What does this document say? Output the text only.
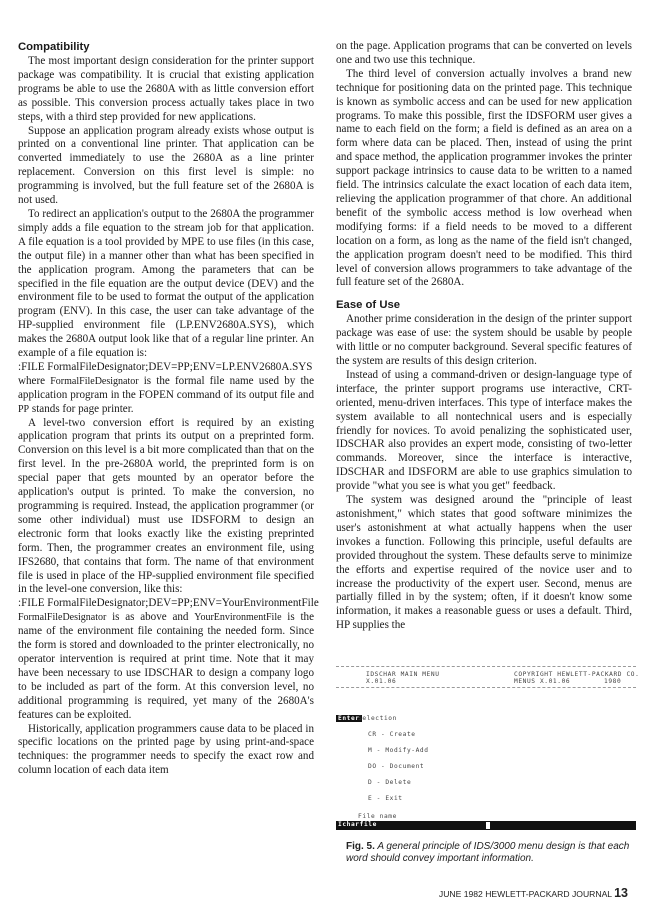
Compatibility

The most important design consideration for the printer support package was compatibility. It is crucial that existing application programs be able to use the 2680A with as little conversion effort as possible. This conversion process actually takes place in two steps, with a third step provided for new applications.

Suppose an application program already exists whose output is printed on a conventional line printer. That application can be converted immediately to use the 2680A as a line printer replacement. Conversion on this first level is simple: no programming is involved, but the full feature set of the 2680A is not used.

To redirect an application's output to the 2680A the programmer simply adds a file equation to the stream job for that application. A file equation is a tool provided by MPE to use files (in this case, the output file) in a manner other than what has been specified in the application program. Among the parameters that can be specified in the file equation are the output device (DEV) and the environment file to be used to format the output of the application program (ENV). In this case, the user can take advantage of the HP-supplied environment file (LP.ENV2680A.SYS), which makes the 2680A output look like that of a regular line printer. An example of a file equation is:

:FILE FormalFileDesignator;DEV=PP;ENV=LP.ENV2680A.SYS

where FormalFileDesignator is the formal file name used by the application program in the FOPEN command of its output file and PP stands for page printer.

A level-two conversion effort is required by an existing application program that prints its output on a preprinted form. Conversion on this level is a bit more complicated than that on the first level. In the pre-2680A world, the preprinted form is on special paper that gets mounted by an operator before the application's output is printed. To make the conversion, no programming is required. Instead, the application programmer (or some other individual) must use IDSFORM to design an electronic form that looks exactly like the existing preprinted form. Then, the programmer creates an environment file, using IFS2680, that contains that form. The name of that environment file is used in place of the HP-supplied environment file specified in the level-one conversion, like this:

:FILE FormalFileDesignator;DEV=PP;ENV=YourEnvironmentFile

FormalFileDesignator is as above and YourEnvironmentFile is the name of the environment file containing the needed form. Since the form is stored and downloaded to the printer electronically, no operator intervention is required at print time. Note that it may have been necessary to use IDSCHAR to design a company logo to be included as part of the form. At this conversion level, no additional programming is required, yet many of the 2680A's features can be exploited.

Historically, application programmers cause data to be placed in specific locations on the printed page by using print-and-space techniques: the programmer needs to specify the exact row and column location of each data item

on the page. Application programs that can be converted on levels one and two use this technique.

The third level of conversion actually involves a brand new technique for positioning data on the printed page. This technique is known as symbolic access and can be used for new application programs. To make this possible, first the IDSFORM user gives a name to each field on the form; a field is defined as an area on a form where data can be placed. Then, instead of using the print and space method, the application programmer invokes the printer support package intrinsics to cause data to be written to a named field. The intrinsics calculate the exact location of each data item, relieving the application programmer of that chore. An additional benefit of the symbolic access method is low overhead when modifying forms: if a field needs to be moved to a different location on a form, as long as the name of the field isn't changed, the application program doesn't need to be modified. This third level of conversion allows programmers to take advantage of the full feature set of the 2680A.

Ease of Use

Another prime consideration in the design of the printer support package was ease of use: the system should be usable by people with little or no computer background. Several specific features of the system are results of this design criterion.

Instead of using a command-driven or design-language type of interface, the printer support programs use interactive, CRT-oriented, menu-driven interfaces. This type of interface makes the system available to all nontechnical users and is especially friendly for novices. To avoid penalizing the sophisticated user, IDSCHAR also provides an expert mode, consisting of two-letter commands. Moreover, since the interface is interactive, IDSCHAR and IDSFORM are able to use graphics simulation to provide "what you see is what you get" feedback.

The system was designed around the "principle of least astonishment," which states that good software minimizes the user's astonishment at what actually happens when the user invokes a function. Following this principle, useful defaults are provided throughout the system. These defaults serve to minimize the efforts and expertise required of the novice user and to increase the productivity of the expert user. Second, menus are partially filled in by the system; often, if it doesn't know some information, it makes a reasonable guess or uses a default. Third, HP supplies the

IDSCHAR MAIN MENU
X.01.06
COPYRIGHT HEWLETT-PACKARD CO.
MENUS X.01.06	1980
Enter
Selection
CR - Create
M - Modify-Add
DO - Document
D - Delete
E - Exit
File name
Icharfile
Fig. 5. A general principle of IDS/3000 menu design is that each word should convey important information.
JUNE 1982 HEWLETT-PACKARD JOURNAL 13
